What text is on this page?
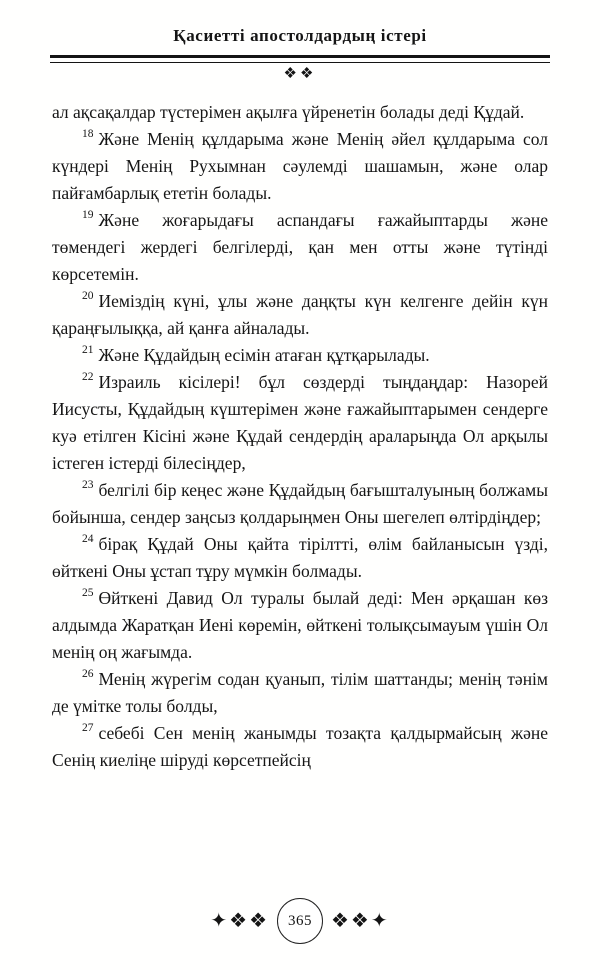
Қасиетті апостолдардың істері
❖❖

ал ақсақалдар түстерімен ақылға үйренетін болады деді Құдай.

$^{18}$ Және Менің құлдарыма және Менің әйел құлдарыма сол күндері Менің Рухымнан сәулемді шашамын, және олар пайғамбарлық ететін болады.

$^{19}$ Және жоғарыдағы аспандағы ғажайыптарды және төмендегі жердегі белгілерді, қан мен отты және түтінді көрсетемін.

$^{20}$ Иеміздің күні, ұлы және даңқты күн келгенге дейін күн қараңғылыққа, ай қанға айналады.

$^{21}$ Және Құдайдың есімін атаған құтқарылады.

$^{22}$ Израиль кісілері! бұл сөздерді тыңдаңдар: Назорей Иисусты, Құдайдың күштерімен және ғажайыптарымен сендерге куә етілген Кісіні және Құдай сендердің араларыңда Ол арқылы істеген істерді білесіңдер,

$^{23}$ белгілі бір кеңес және Құдайдың бағышталуының болжамы бойынша, сендер заңсыз қолдарыңмен Оны шегелеп өлтірдіңдер;

$^{24}$ бірақ Құдай Оны қайта тірілтті, өлім байланысын үзді, өйткені Оны ұстап тұру мүмкін болмады.

$^{25}$ Өйткені Давид Ол туралы былай деді: Мен әрқашан көз алдымда Жаратқан Иені көремін, өйткені толықсымауым үшін Ол менің оң жағымда.

$^{26}$ Менің жүрегім содан қуанып, тілім шаттанды; менің тәнім де үмітке толы болды,

$^{27}$ себебі Сен менің жанымды тозақта қалдырмайсың және Сенің киеліңе шіруді көрсетпейсің

✦❖❖ 365 ❖❖✦
